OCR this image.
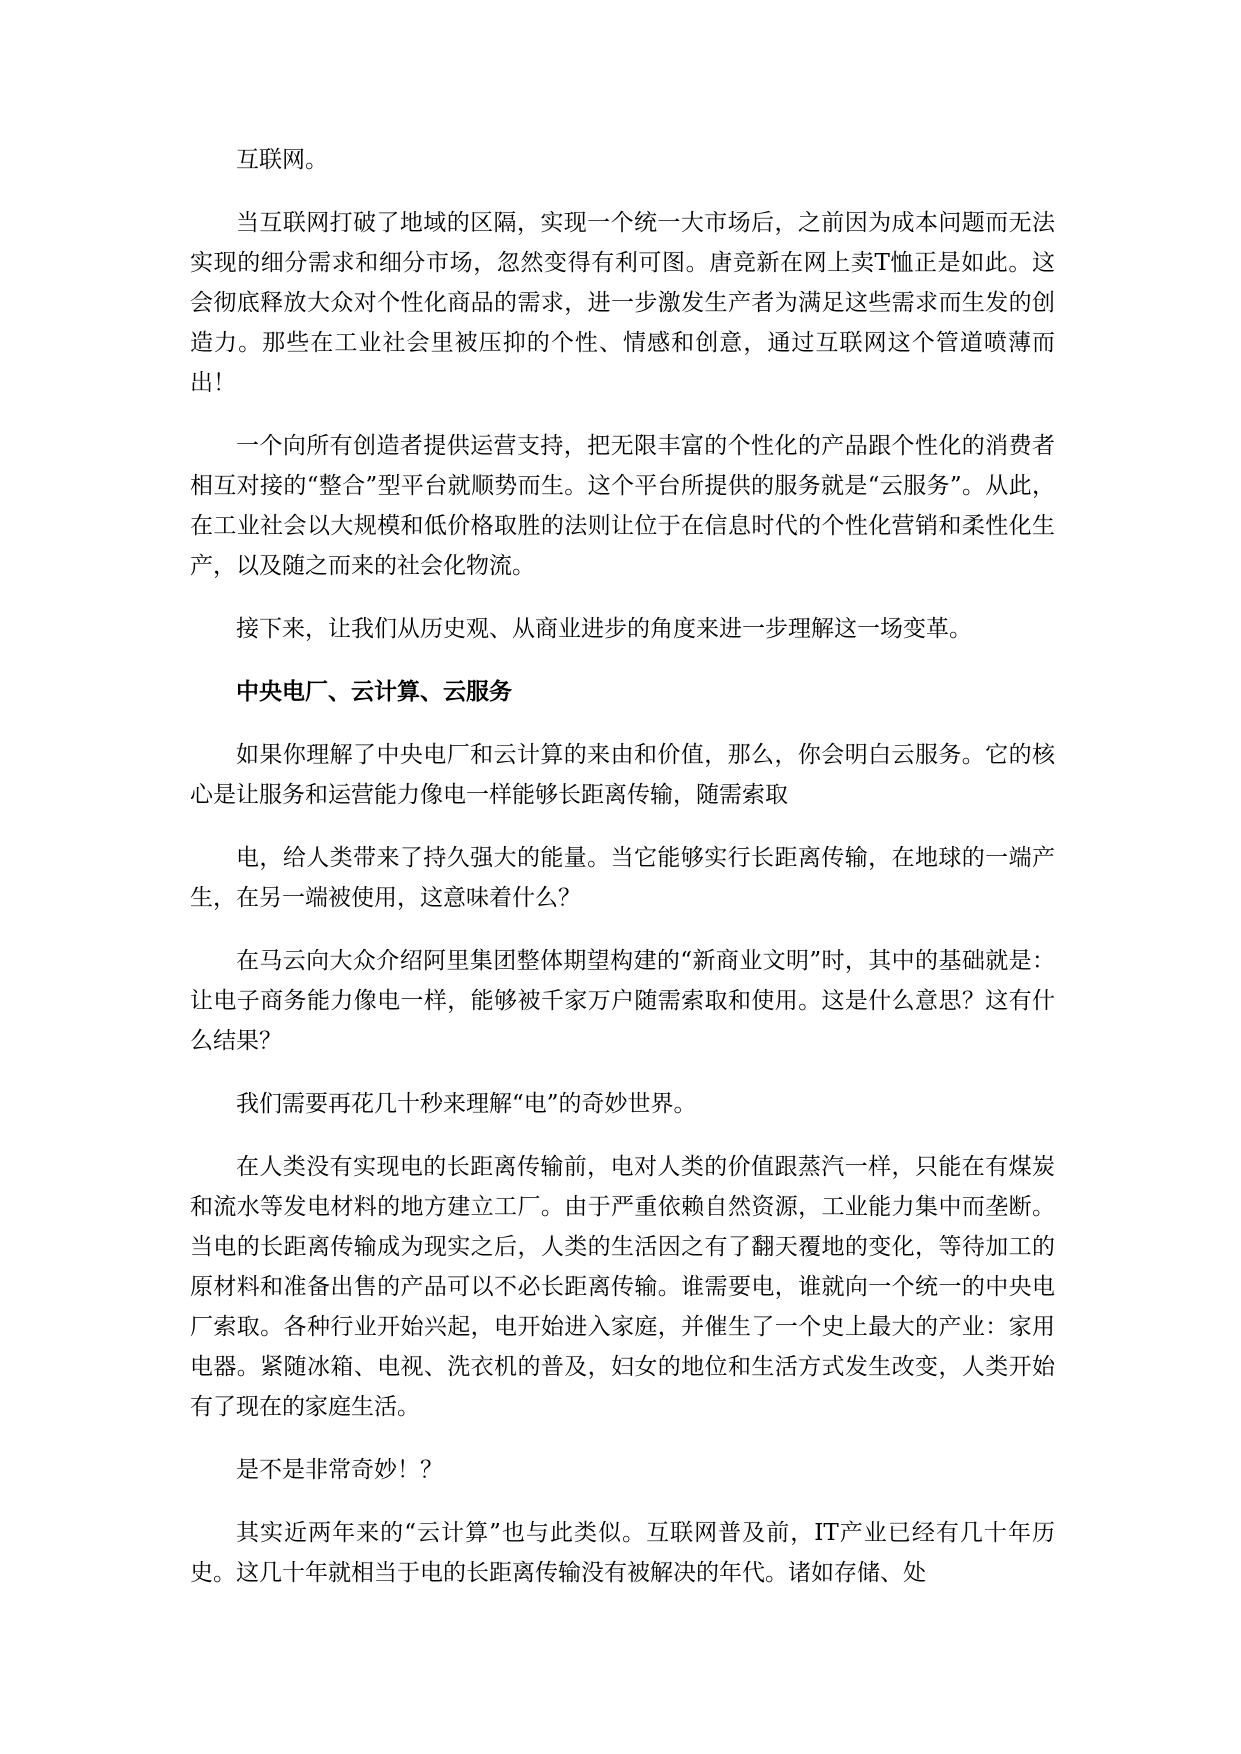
互联网。

当互联网打破了地域的区隔，实现一个统一大市场后，之前因为成本问题而无法实现的细分需求和细分市场，忽然变得有利可图。唐竞新在网上卖T恤正是如此。这会彻底释放大众对个性化商品的需求，进一步激发生产者为满足这些需求而生发的创造力。那些在工业社会里被压抑的个性、情感和创意，通过互联网这个管道喷薄而出！

一个向所有创造者提供运营支持，把无限丰富的个性化的产品跟个性化的消费者相互对接的“整合”型平台就顺势而生。这个平台所提供的服务就是“云服务”。从此，在工业社会以大规模和低价格取胜的法则让位于在信息时代的个性化营销和柔性化生产，以及随之而来的社会化物流。

接下来，让我们从历史观、从商业进步的角度来进一步理解这一场变革。

中央电厂、云计算、云服务

如果你理解了中央电厂和云计算的来由和价值，那么，你会明白云服务。它的核心是让服务和运营能力像电一样能够长距离传输，随需索取

电，给人类带来了持久强大的能量。当它能够实行长距离传输，在地球的一端产生，在另一端被使用，这意味着什么？

在马云向大众介绍阿里集团整体期望构建的“新商业文明”时，其中的基础就是：让电子商务能力像电一样，能够被千家万户随需索取和使用。这是什么意思？这有什么结果？

我们需要再花几十秒来理解“电”的奇妙世界。

在人类没有实现电的长距离传输前，电对人类的价值跟蒸汽一样，只能在有煤炭和流水等发电材料的地方建立工厂。由于严重依赖自然资源，工业能力集中而垄断。当电的长距离传输成为现实之后，人类的生活因之有了翻天覆地的变化，等待加工的原材料和准备出售的产品可以不必长距离传输。谁需要电，谁就向一个统一的中央电厂索取。各种行业开始兴起，电开始进入家庭，并催生了一个史上最大的产业：家用电器。紧随冰箱、电视、洗衣机的普及，妇女的地位和生活方式发生改变，人类开始有了现在的家庭生活。

是不是非常奇妙！？

其实近两年来的“云计算”也与此类似。互联网普及前，IT产业已经有几十年历史。这几十年就相当于电的长距离传输没有被解决的年代。诸如存储、处
